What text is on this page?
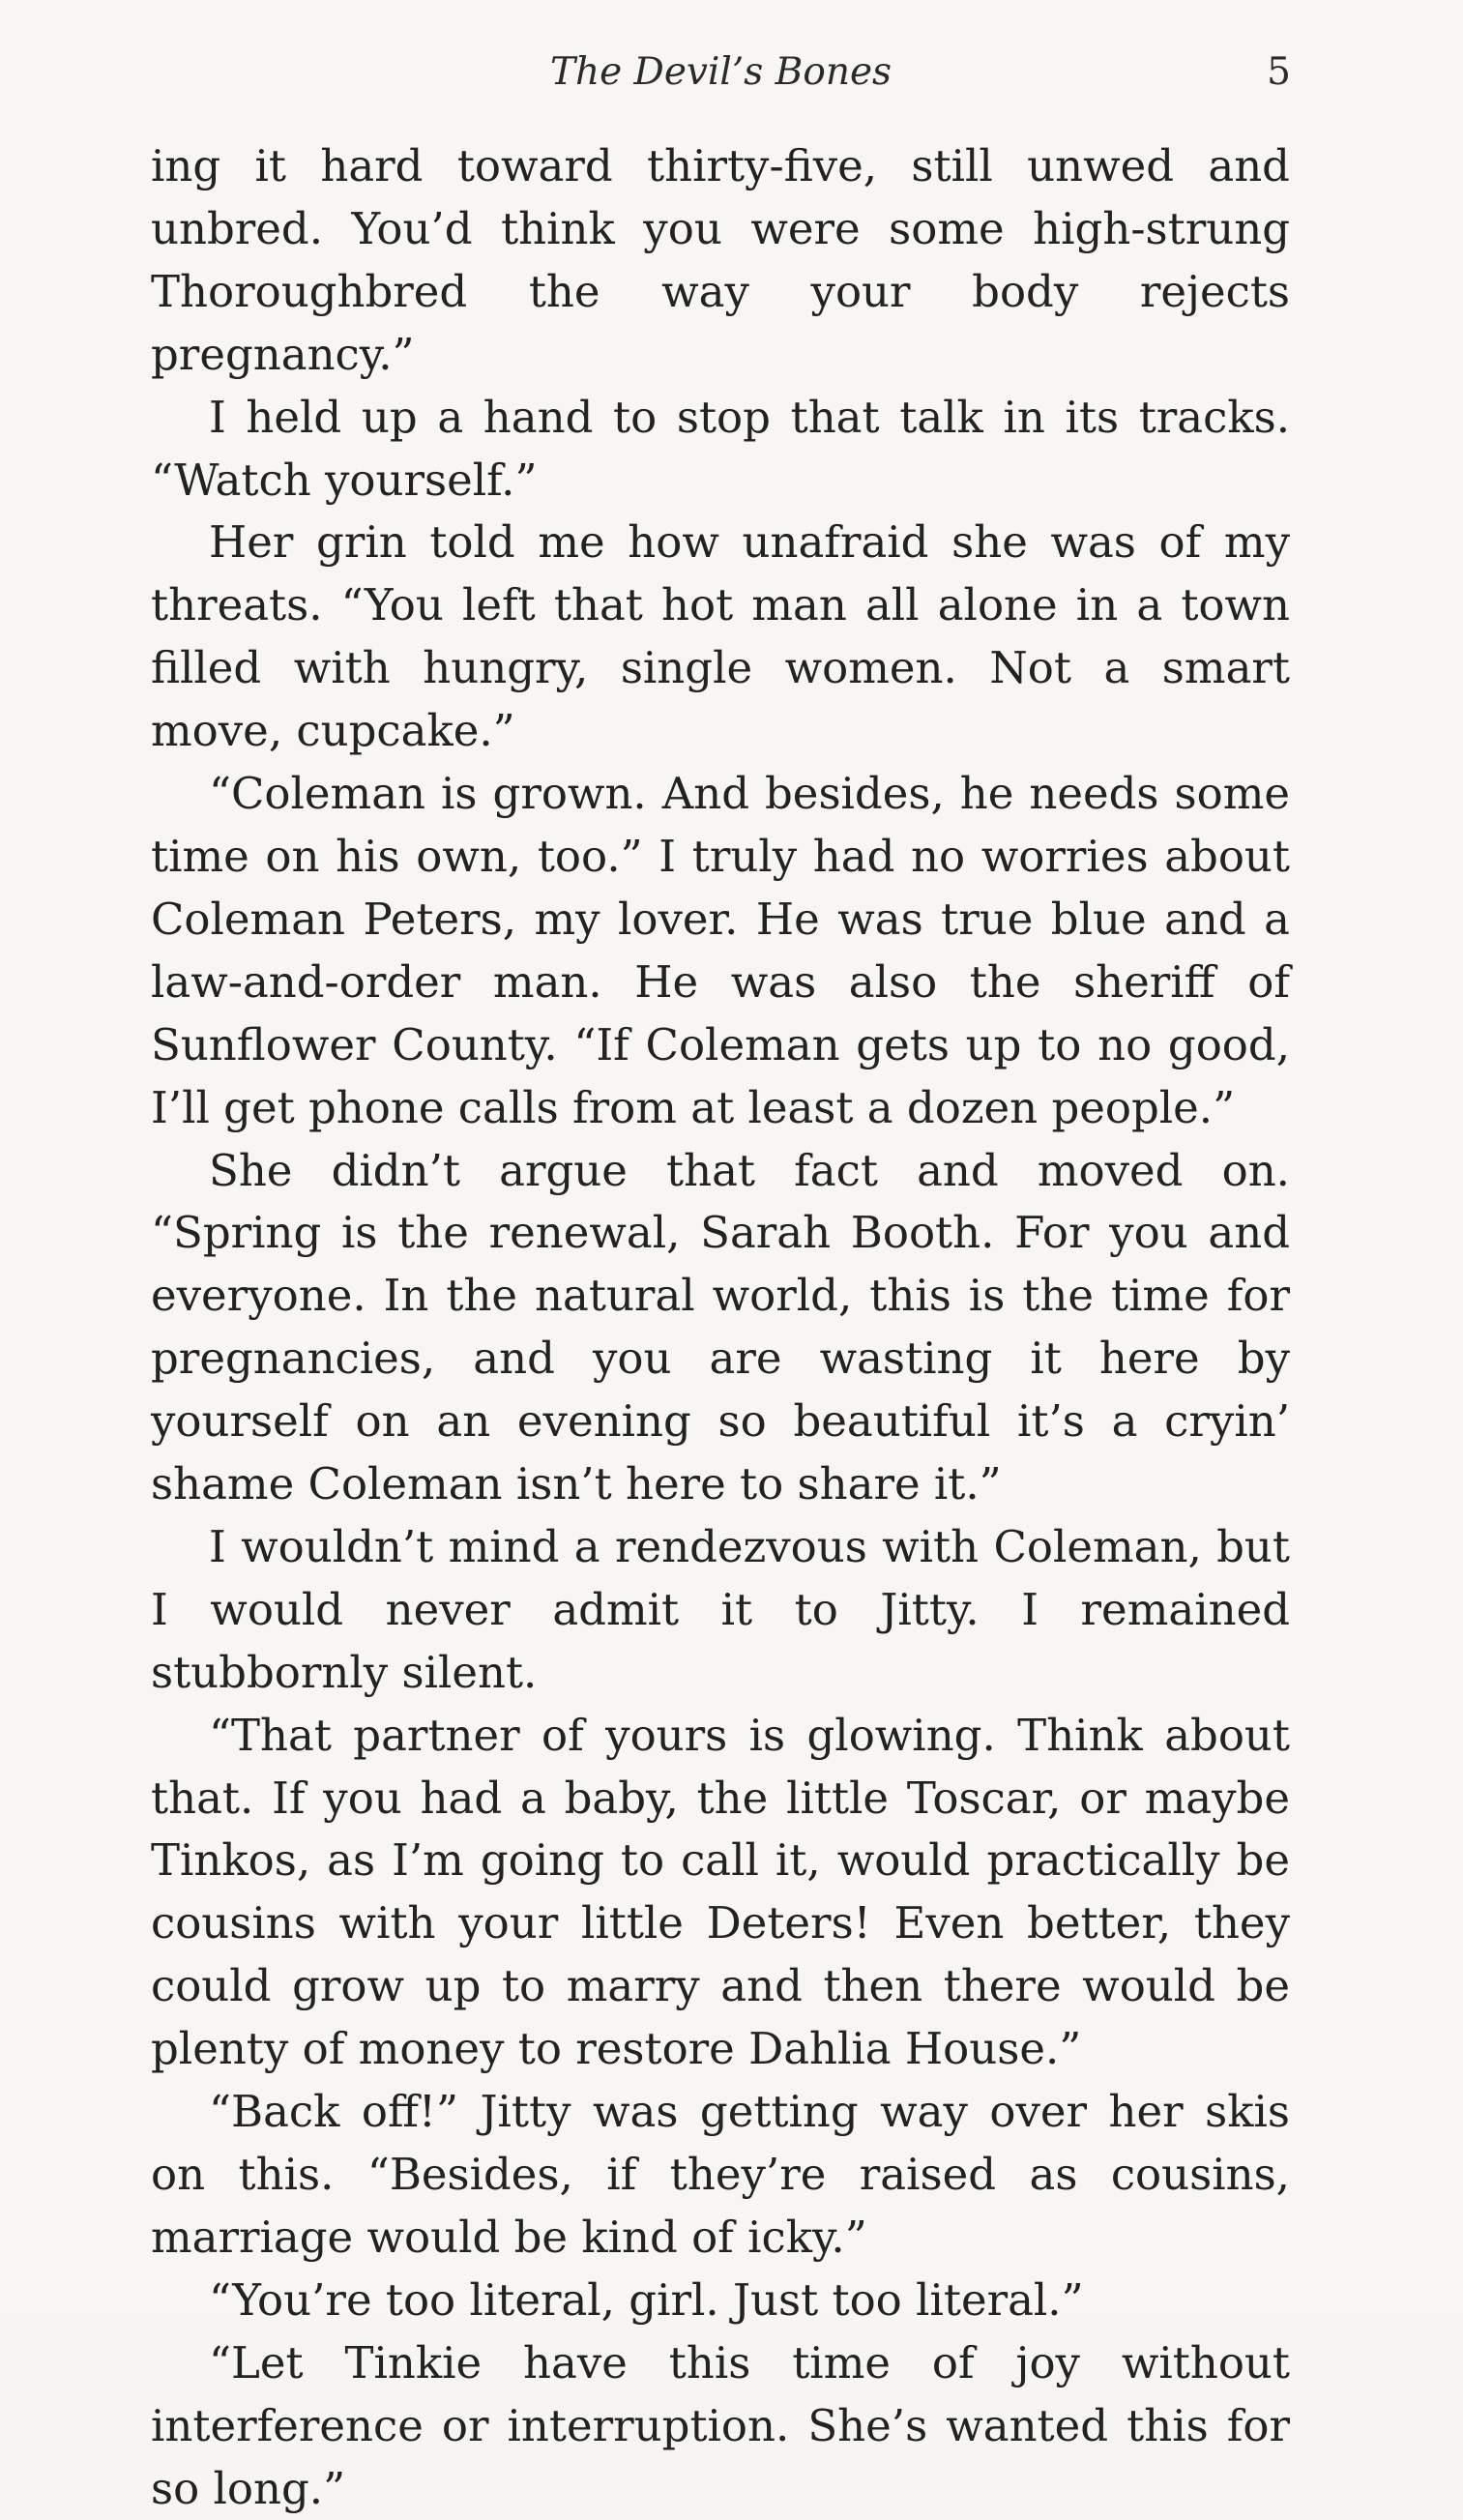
The Devil’s Bones	5

ing it hard toward thirty-five, still unwed and unbred. You’d think you were some high-strung Thoroughbred the way your body rejects pregnancy.”

I held up a hand to stop that talk in its tracks. “Watch yourself.”

Her grin told me how unafraid she was of my threats. “You left that hot man all alone in a town filled with hungry, single women. Not a smart move, cupcake.”

“Coleman is grown. And besides, he needs some time on his own, too.” I truly had no worries about Coleman Peters, my lover. He was true blue and a law-and-order man. He was also the sheriff of Sunflower County. “If Coleman gets up to no good, I’ll get phone calls from at least a dozen people.”

She didn’t argue that fact and moved on. “Spring is the renewal, Sarah Booth. For you and everyone. In the natural world, this is the time for pregnancies, and you are wasting it here by yourself on an evening so beautiful it’s a cryin’ shame Coleman isn’t here to share it.”

I wouldn’t mind a rendezvous with Coleman, but I would never admit it to Jitty. I remained stubbornly silent.

“That partner of yours is glowing. Think about that. If you had a baby, the little Toscar, or maybe Tinkos, as I’m going to call it, would practically be cousins with your little Deters! Even better, they could grow up to marry and then there would be plenty of money to restore Dahlia House.”

“Back off!” Jitty was getting way over her skis on this. “Besides, if they’re raised as cousins, marriage would be kind of icky.”

“You’re too literal, girl. Just too literal.”

“Let Tinkie have this time of joy without interference or interruption. She’s wanted this for so long.”
